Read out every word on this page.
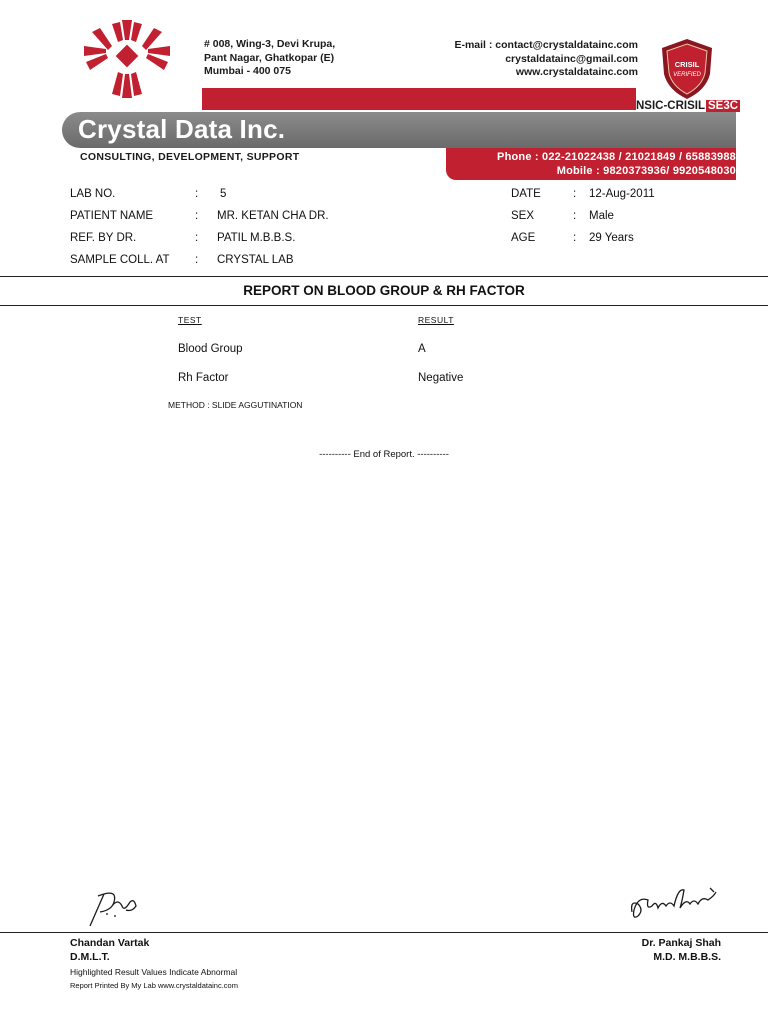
# 008, Wing-3, Devi Krupa,
Pant Nagar, Ghatkopar (E)
Mumbai - 400 075
E-mail : contact@crystaldatainc.com
crystaldatainc@gmail.com
www.crystaldatainc.com
CRISIL
VERIFIED
NSIC-CRISIL SE3C
Crystal Data Inc.
CONSULTING, DEVELOPMENT, SUPPORT	Phone : 022-21022438 / 21021849 / 65883988
Mobile : 9820373936/ 9920548030
LAB NO.	: 5
PATIENT NAME	: MR. KETAN CHA DR.
REF. BY DR.	: PATIL M.B.B.S.
SAMPLE COLL. AT : CRYSTAL LAB
DATE	: 12-Aug-2011
SEX	: Male
AGE	: 29 Years
REPORT ON BLOOD GROUP & RH FACTOR
TEST	RESULT
Blood Group	A
Rh Factor	Negative
METHOD : SLIDE AGGUTINATION
---------- End of Report. ----------
Chandan Vartak
D.M.L.T.
Dr. Pankaj Shah
M.D. M.B.B.S.
Highlighted Result Values Indicate Abnormal
Report Printed By My Lab www.crystaldatainc.com
